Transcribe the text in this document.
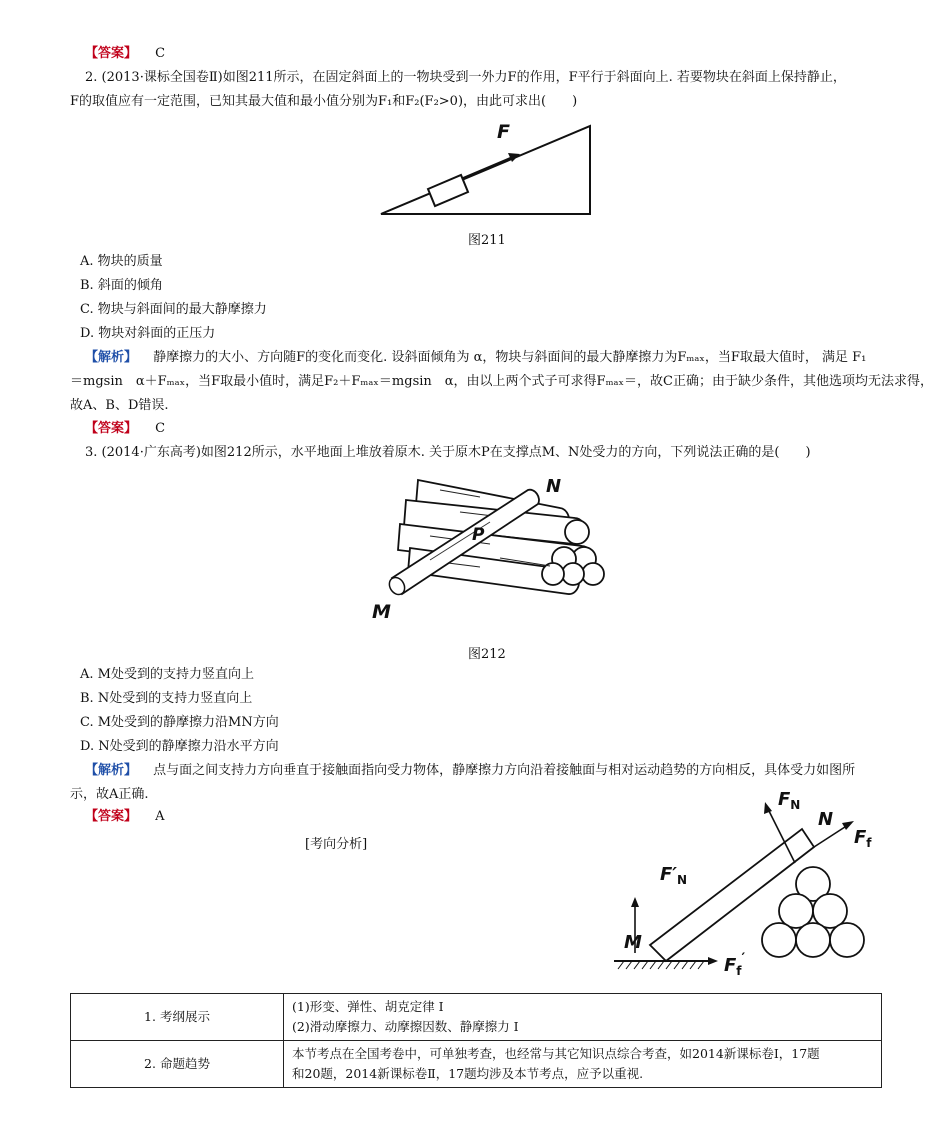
【答案】 C
2. (2013·课标全国卷Ⅱ)如图211所示，在固定斜面上的一物块受到一外力F的作用，F平行于斜面向上. 若要物块在斜面上保持静止，
F的取值应有一定范围，已知其最大值和最小值分别为F₁和F₂(F₂>0)，由此可求出(　　)
F
图211
A. 物块的质量
B. 斜面的倾角
C. 物块与斜面间的最大静摩擦力
D. 物块对斜面的正压力
【解析】 静摩擦力的大小、方向随F的变化而变化. 设斜面倾角为 α，物块与斜面间的最大静摩擦力为Fₘₐₓ，当F取最大值时， 满足 F₁
＝mgsin　α＋Fₘₐₓ，当F取最小值时，满足F₂＋Fₘₐₓ＝mgsin　α，由以上两个式子可求得Fₘₐₓ＝，故C正确；由于缺少条件，其他选项均无法求得，
故A、B、D错误.
【答案】 C
3. (2014·广东高考)如图212所示，水平地面上堆放着原木. 关于原木P在支撑点M、N处受力的方向，下列说法正确的是(　　)
N
P
M
图212
A. M处受到的支持力竖直向上
B. N处受到的支持力竖直向上
C. M处受到的静摩擦力沿MN方向
D. N处受到的静摩擦力沿水平方向
【解析】 点与面之间支持力方向垂直于接触面指向受力物体，静摩擦力方向沿着接触面与相对运动趋势的方向相反，具体受力如图所
示，故A正确.
【答案】 A
[考向分析]
$F_N$
N
$F_f$
$F'_N$
M
$F_f'$
1. 考纲展示	(1)形变、弹性、胡克定律 Ⅰ
(2)滑动摩擦力、动摩擦因数、静摩擦力 Ⅰ

2. 命题趋势	本节考点在全国考卷中，可单独考查，也经常与其它知识点综合考查，如2014新课标卷Ⅰ，17题
和20题，2014新课标卷Ⅱ，17题均涉及本节考点，应予以重视.
